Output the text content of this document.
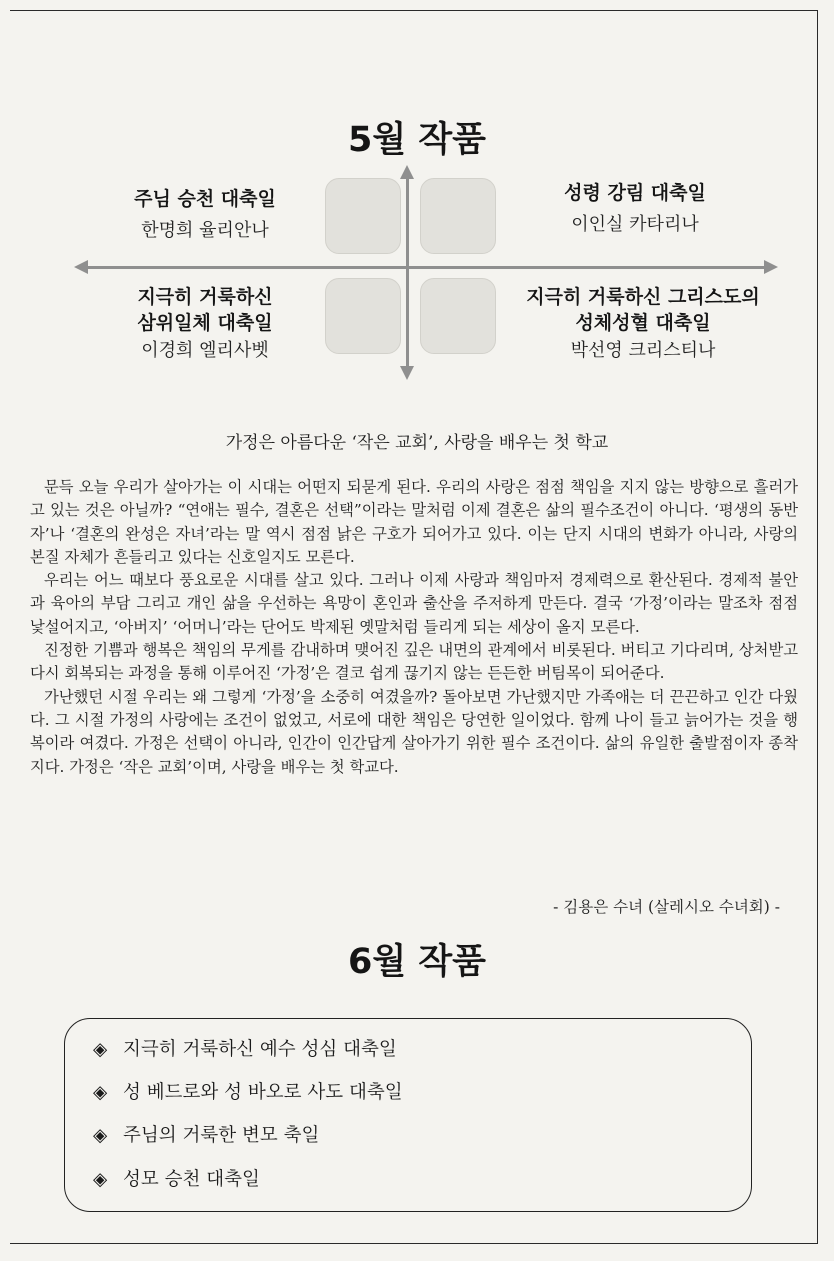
5월 작품
주님 승천 대축일
한명희 율리안나
성령 강림 대축일
이인실 카타리나
지극히 거룩하신
삼위일체 대축일
이경희 엘리사벳
지극히 거룩하신 그리스도의
성체성혈 대축일
박선영 크리스티나
가정은 아름다운 ‘작은 교회’, 사랑을 배우는 첫 학교

문득 오늘 우리가 살아가는 이 시대는 어떤지 되묻게 된다. 우리의 사랑은 점점 책임을 지지 않는 방향으로 흘러가고 있는 것은 아닐까? “연애는 필수, 결혼은 선택”이라는 말처럼 이제 결혼은 삶의 필수조건이 아니다. ‘평생의 동반자’나 ‘결혼의 완성은 자녀’라는 말 역시 점점 낡은 구호가 되어가고 있다. 이는 단지 시대의 변화가 아니라, 사랑의 본질 자체가 흔들리고 있다는 신호일지도 모른다.

우리는 어느 때보다 풍요로운 시대를 살고 있다. 그러나 이제 사랑과 책임마저 경제력으로 환산된다. 경제적 불안과 육아의 부담 그리고 개인 삶을 우선하는 욕망이 혼인과 출산을 주저하게 만든다. 결국 ‘가정’이라는 말조차 점점 낯설어지고, ‘아버지’ ‘어머니’라는 단어도 박제된 옛말처럼 들리게 되는 세상이 올지 모른다.

진정한 기쁨과 행복은 책임의 무게를 감내하며 맺어진 깊은 내면의 관계에서 비롯된다. 버티고 기다리며, 상처받고 다시 회복되는 과정을 통해 이루어진 ‘가정’은 결코 쉽게 끊기지 않는 든든한 버팀목이 되어준다.

가난했던 시절 우리는 왜 그렇게 ‘가정’을 소중히 여겼을까? 돌아보면 가난했지만 가족애는 더 끈끈하고 인간 다웠다. 그 시절 가정의 사랑에는 조건이 없었고, 서로에 대한 책임은 당연한 일이었다. 함께 나이 들고 늙어가는 것을 행복이라 여겼다. 가정은 선택이 아니라, 인간이 인간답게 살아가기 위한 필수 조건이다. 삶의 유일한 출발점이자 종착지다. 가정은 ‘작은 교회’이며, 사랑을 배우는 첫 학교다.

- 김용은 수녀 (살레시오 수녀회) -
6월 작품
◈ 지극히 거룩하신 예수 성심 대축일
◈ 성 베드로와 성 바오로 사도 대축일
◈ 주님의 거룩한 변모 축일
◈ 성모 승천 대축일
